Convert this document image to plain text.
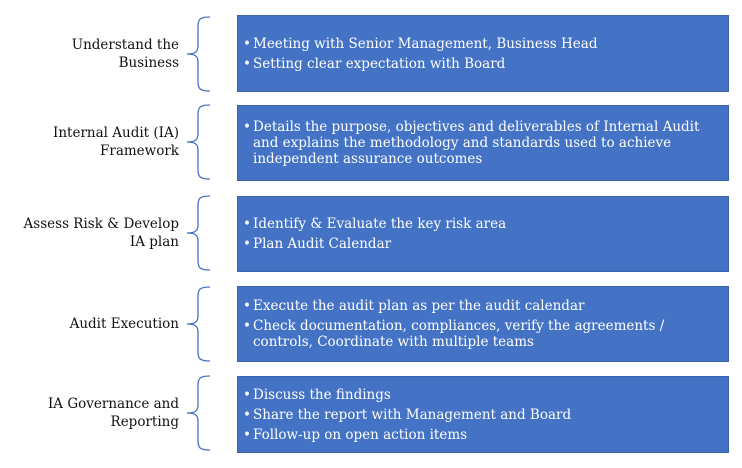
Understand the
Business
• Meeting with Senior Management, Business Head
• Setting clear expectation with Board
Internal Audit (IA)
Framework
• Details the purpose, objectives and deliverables of Internal Audit and explains the methodology and standards used to achieve independent assurance outcomes
Assess Risk & Develop
IA plan
• Identify & Evaluate the key risk area
• Plan Audit Calendar
Audit Execution
• Execute the audit plan as per the audit calendar
• Check documentation, compliances, verify the agreements / controls, Coordinate with multiple teams
IA Governance and
Reporting
• Discuss the findings
• Share the report with Management and Board
• Follow-up on open action items
